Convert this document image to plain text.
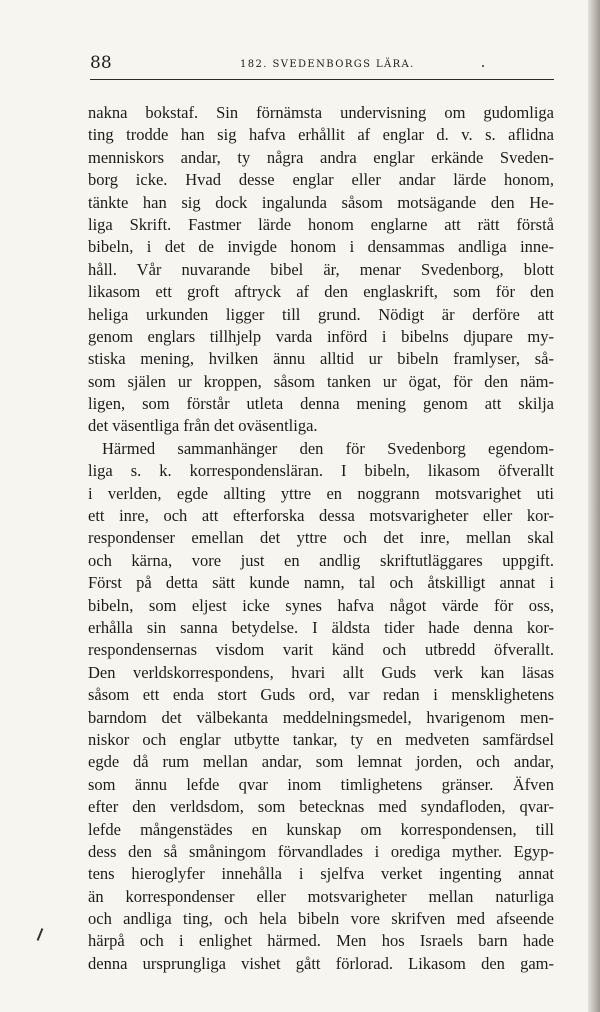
88	182. SVEDENBORGS LÄRA.
nakna bokstaf. Sin förnämsta undervisning om gudomliga
ting trodde han sig hafva erhållit af englar d. v. s. aflidna
menniskors andar, ty några andra englar erkände Sveden-
borg icke. Hvad desse englar eller andar lärde honom,
tänkte han sig dock ingalunda såsom motsägande den He-
liga Skrift. Fastmer lärde honom englarne att rätt förstå
bibeln, i det de invigde honom i densammas andliga inne-
håll. Vår nuvarande bibel är, menar Svedenborg, blott
likasom ett groft aftryck af den englaskrift, som för den
heliga urkunden ligger till grund. Nödigt är derföre att
genom englars tillhjelp varda införd i bibelns djupare my-
stiska mening, hvilken ännu alltid ur bibeln framlyser, så-
som själen ur kroppen, såsom tanken ur ögat, för den näm-
ligen, som förstår utleta denna mening genom att skilja
det väsentliga från det oväsentliga.
Härmed sammanhänger den för Svedenborg egendom-
liga s. k. korrespondensläran. I bibeln, likasom öfverallt
i verlden, egde allting yttre en noggrann motsvarighet uti
ett inre, och att efterforska dessa motsvarigheter eller kor-
respondenser emellan det yttre och det inre, mellan skal
och kärna, vore just en andlig skriftutläggares uppgift.
Först på detta sätt kunde namn, tal och åtskilligt annat i
bibeln, som eljest icke synes hafva något värde för oss,
erhålla sin sanna betydelse. I äldsta tider hade denna kor-
respondensernas visdom varit känd och utbredd öfverallt.
Den verldskorrespondens, hvari allt Guds verk kan läsas
såsom ett enda stort Guds ord, var redan i mensklighetens
barndom det välbekanta meddelningsmedel, hvarigenom men-
niskor och englar utbytte tankar, ty en medveten samfärdsel
egde då rum mellan andar, som lemnat jorden, och andar,
som ännu lefde qvar inom timlighetens gränser. Äfven
efter den verldsdom, som betecknas med syndafloden, qvar-
lefde mångenstädes en kunskap om korrespondensen, till
dess den så småningom förvandlades i orediga myther. Egyp-
tens hieroglyfer innehålla i sjelfva verket ingenting annat
än korrespondenser eller motsvarigheter mellan naturliga
och andliga ting, och hela bibeln vore skrifven med afseende
härpå och i enlighet härmed. Men hos Israels barn hade
denna ursprungliga vishet gått förlorad. Likasom den gam-
